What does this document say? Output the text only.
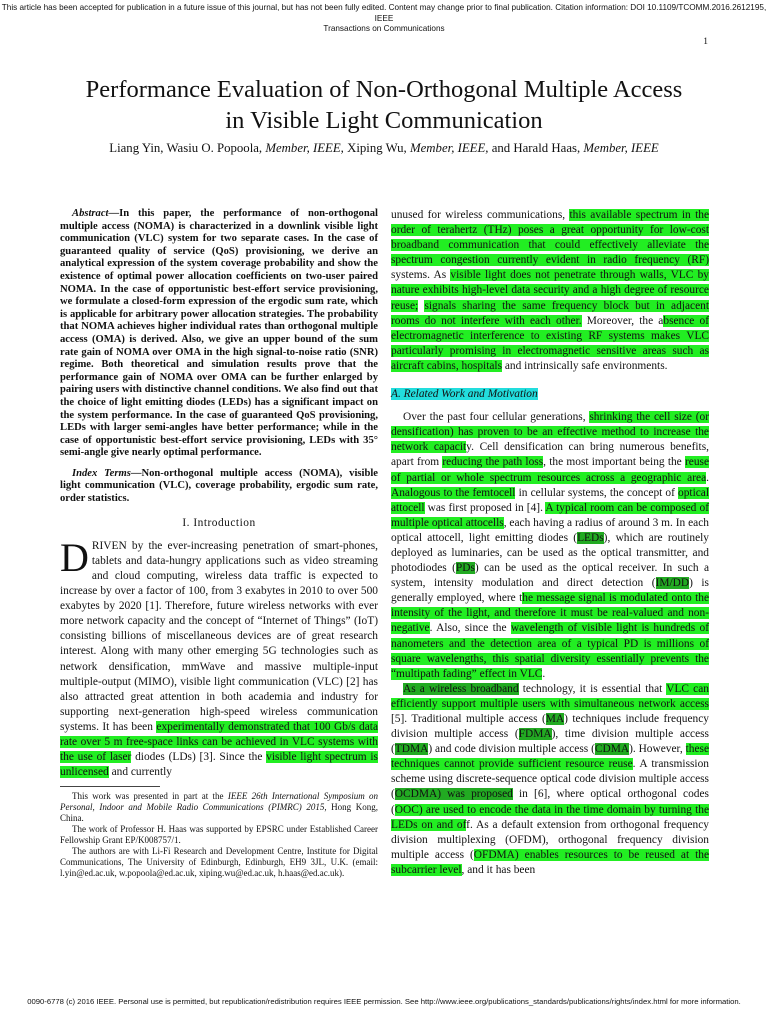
This article has been accepted for publication in a future issue of this journal, but has not been fully edited. Content may change prior to final publication. Citation information: DOI 10.1109/TCOMM.2016.2612195, IEEE
Transactions on Communications
1
Performance Evaluation of Non-Orthogonal Multiple Access
in Visible Light Communication
Liang Yin, Wasiu O. Popoola, Member, IEEE, Xiping Wu, Member, IEEE, and Harald Haas, Member, IEEE

Abstract—In this paper, the performance of non-orthogonal multiple access (NOMA) is characterized in a downlink visible light communication (VLC) system for two separate cases. In the case of guaranteed quality of service (QoS) provisioning, we derive an analytical expression of the system coverage probability and show the existence of optimal power allocation coefficients on two-user paired NOMA. In the case of opportunistic best-effort service provisioning, we formulate a closed-form expression of the ergodic sum rate, which is applicable for arbitrary power allocation strategies. The probability that NOMA achieves higher individual rates than orthogonal multiple access (OMA) is derived. Also, we give an upper bound of the sum rate gain of NOMA over OMA in the high signal-to-noise ratio (SNR) regime. Both theoretical and simulation results prove that the performance gain of NOMA over OMA can be further enlarged by pairing users with distinctive channel conditions. We also find out that the choice of light emitting diodes (LEDs) has a significant impact on the system performance. In the case of guaranteed QoS provisioning, LEDs with larger semi-angles have better performance; while in the case of opportunistic best-effort service provisioning, LEDs with 35° semi-angle give nearly optimal performance.

Index Terms—Non-orthogonal multiple access (NOMA), visible light communication (VLC), coverage probability, ergodic sum rate, order statistics.

I. Introduction

DRIVEN by the ever-increasing penetration of smart-phones, tablets and data-hungry applications such as video streaming and cloud computing, wireless data traffic is expected to increase by over a factor of 100, from 3 exabytes in 2010 to over 500 exabytes by 2020 [1]. Therefore, future wireless networks with ever more network capacity and the concept of “Internet of Things” (IoT) consisting billions of miscellaneous devices are of great research interest. Along with many other emerging 5G technologies such as network densification, mmWave and massive multiple-input multiple-output (MIMO), visible light communication (VLC) [2] has also attracted great attention in both academia and industry for supporting next-generation high-speed wireless communication systems. It has been experimentally demonstrated that 100 Gb/s data rate over 5 m free-space links can be achieved in VLC systems with the use of laser diodes (LDs) [3]. Since the visible light spectrum is unlicensed and currently

This work was presented in part at the IEEE 26th International Symposium on Personal, Indoor and Mobile Radio Communications (PIMRC) 2015, Hong Kong, China.

The work of Professor H. Haas was supported by EPSRC under Established Career Fellowship Grant EP/K008757/1.

The authors are with Li-Fi Research and Development Centre, Institute for Digital Communications, The University of Edinburgh, Edinburgh, EH9 3JL, U.K. (email: l.yin@ed.ac.uk, w.popoola@ed.ac.uk, xiping.wu@ed.ac.uk, h.haas@ed.ac.uk).

unused for wireless communications, this available spectrum in the order of terahertz (THz) poses a great opportunity for low-cost broadband communication that could effectively alleviate the spectrum congestion currently evident in radio frequency (RF) systems. As visible light does not penetrate through walls, VLC by nature exhibits high-level data security and a high degree of resource reuse; signals sharing the same frequency block but in adjacent rooms do not interfere with each other. Moreover, the absence of electromagnetic interference to existing RF systems makes VLC particularly promising in electromagnetic sensitive areas such as aircraft cabins, hospitals and intrinsically safe environments.

A. Related Work and Motivation

Over the past four cellular generations, shrinking the cell size (or densification) has proven to be an effective method to increase the network capacity. Cell densification can bring numerous benefits, apart from reducing the path loss, the most important being the reuse of partial or whole spectrum resources across a geographic area. Analogous to the femtocell in cellular systems, the concept of optical attocell was first proposed in [4]. A typical room can be composed of multiple optical attocells, each having a radius of around 3 m. In each optical attocell, light emitting diodes (LEDs), which are routinely deployed as luminaries, can be used as the optical transmitter, and photodiodes (PDs) can be used as the optical receiver. In such a system, intensity modulation and direct detection (IM/DD) is generally employed, where the message signal is modulated onto the intensity of the light, and therefore it must be real-valued and non-negative. Also, since the wavelength of visible light is hundreds of nanometers and the detection area of a typical PD is millions of square wavelengths, this spatial diversity essentially prevents the “multipath fading” effect in VLC.

As a wireless broadband technology, it is essential that VLC can efficiently support multiple users with simultaneous network access [5]. Traditional multiple access (MA) techniques include frequency division multiple access (FDMA), time division multiple access (TDMA) and code division multiple access (CDMA). However, these techniques cannot provide sufficient resource reuse. A transmission scheme using discrete-sequence optical code division multiple access (OCDMA) was proposed in [6], where optical orthogonal codes (OOC) are used to encode the data in the time domain by turning the LEDs on and off. As a default extension from orthogonal frequency division multiplexing (OFDM), orthogonal frequency division multiple access (OFDMA) enables resources to be reused at the subcarrier level, and it has been

0090-6778 (c) 2016 IEEE. Personal use is permitted, but republication/redistribution requires IEEE permission. See http://www.ieee.org/publications_standards/publications/rights/index.html for more information.
